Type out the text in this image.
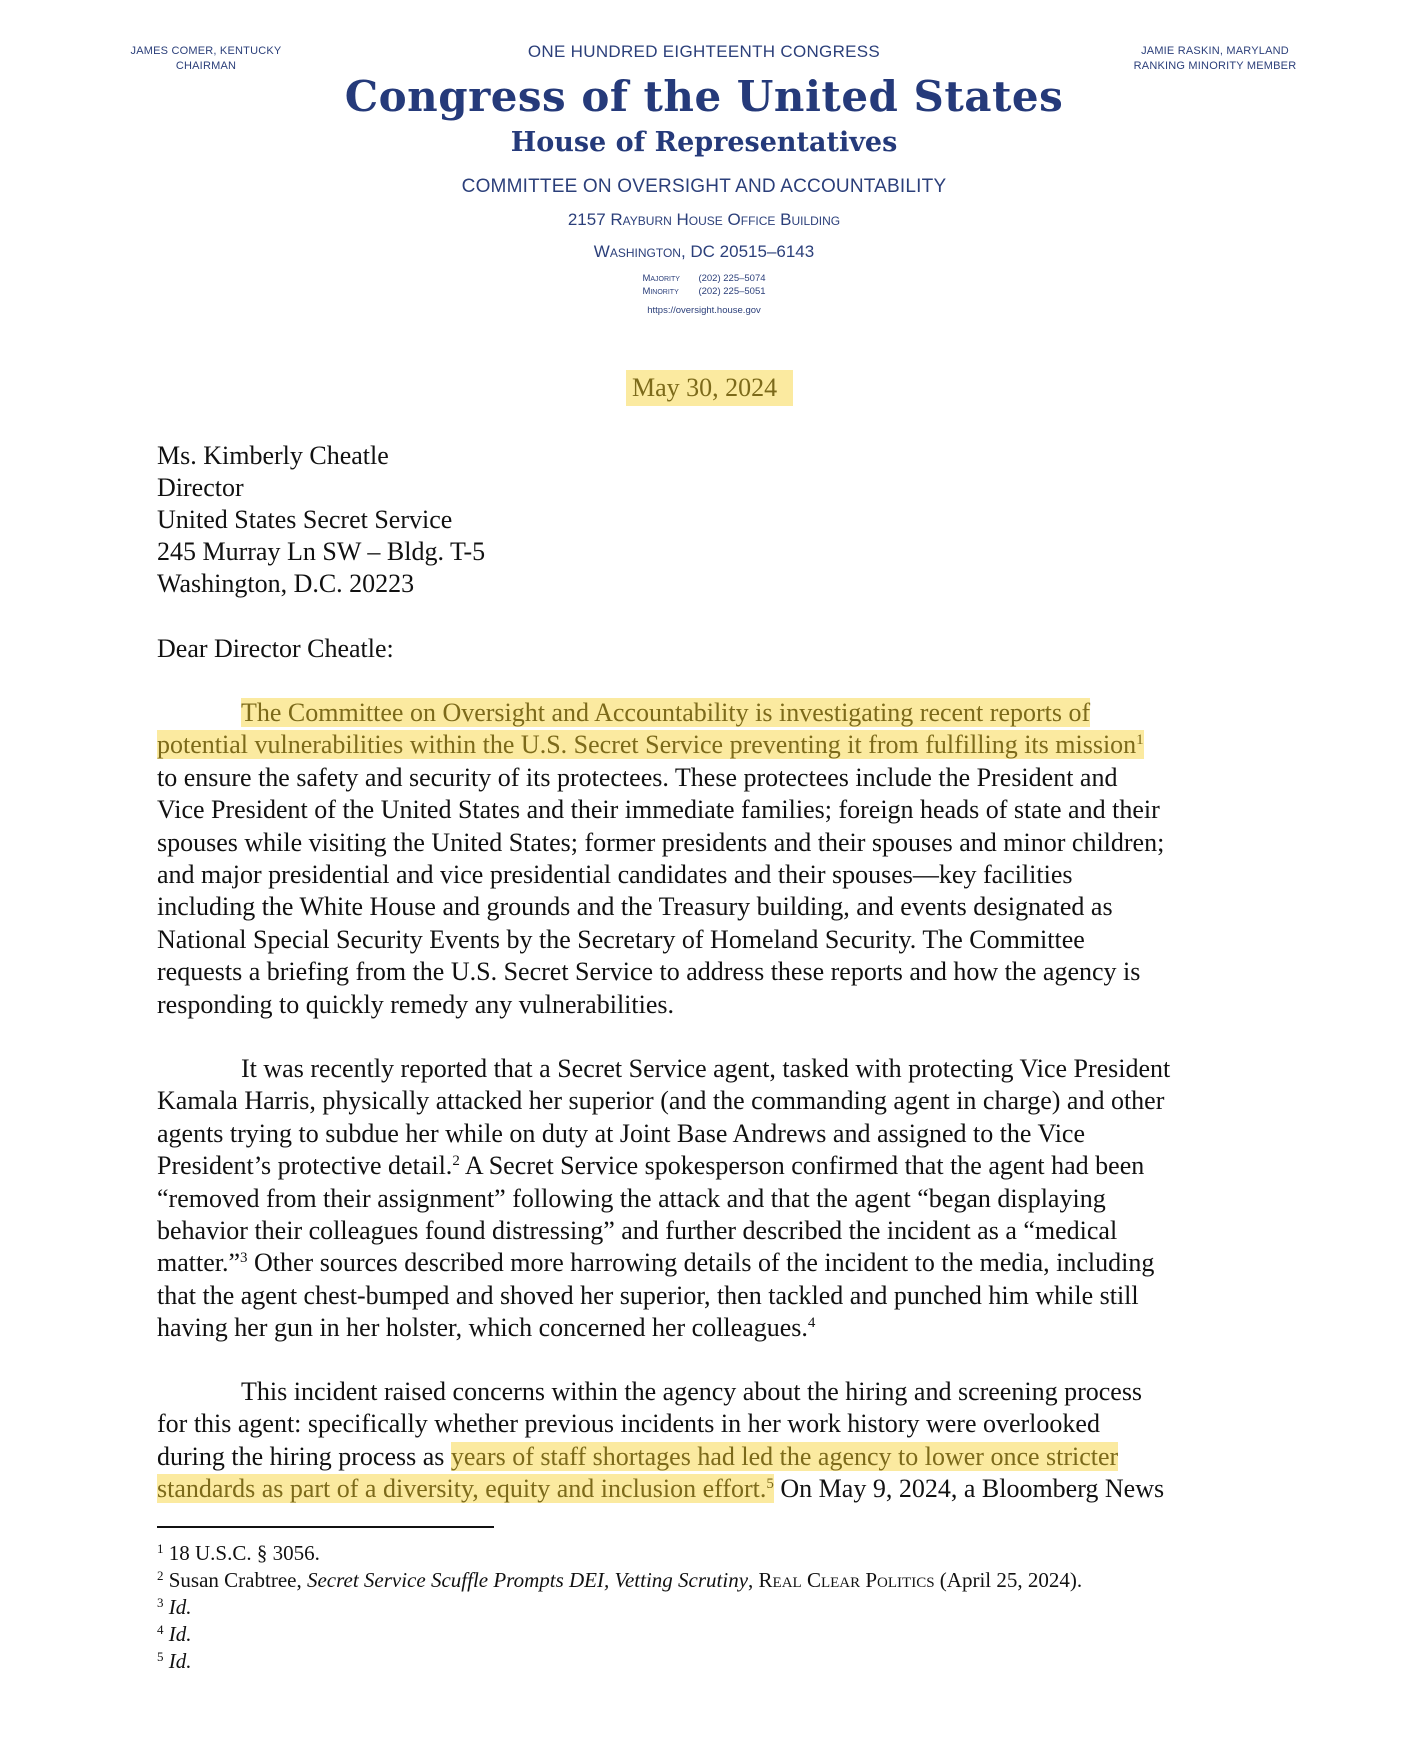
JAMES COMER, KENTUCKY
CHAIRMAN
JAMIE RASKIN, MARYLAND
RANKING MINORITY MEMBER
ONE HUNDRED EIGHTEENTH CONGRESS
Congress of the United States
House of Representatives
COMMITTEE ON OVERSIGHT AND ACCOUNTABILITY
2157 Rayburn House Office Building
Washington, DC 20515–6143
Majority (202) 225–5074
Minority (202) 225–5051
https://oversight.house.gov
May 30, 2024
Ms. Kimberly Cheatle
Director
United States Secret Service
245 Murray Ln SW – Bldg. T-5
Washington, D.C. 20223
Dear Director Cheatle:
The Committee on Oversight and Accountability is investigating recent reports of
potential vulnerabilities within the U.S. Secret Service preventing it from fulfilling its mission$^1$
to ensure the safety and security of its protectees. These protectees include the President and
Vice President of the United States and their immediate families; foreign heads of state and their
spouses while visiting the United States; former presidents and their spouses and minor children;
and major presidential and vice presidential candidates and their spouses—key facilities
including the White House and grounds and the Treasury building, and events designated as
National Special Security Events by the Secretary of Homeland Security. The Committee
requests a briefing from the U.S. Secret Service to address these reports and how the agency is
responding to quickly remedy any vulnerabilities.
It was recently reported that a Secret Service agent, tasked with protecting Vice President
Kamala Harris, physically attacked her superior (and the commanding agent in charge) and other
agents trying to subdue her while on duty at Joint Base Andrews and assigned to the Vice
President’s protective detail.$^2$ A Secret Service spokesperson confirmed that the agent had been
“removed from their assignment” following the attack and that the agent “began displaying
behavior their colleagues found distressing” and further described the incident as a “medical
matter.”$^3$ Other sources described more harrowing details of the incident to the media, including
that the agent chest-bumped and shoved her superior, then tackled and punched him while still
having her gun in her holster, which concerned her colleagues.$^4$
This incident raised concerns within the agency about the hiring and screening process
for this agent: specifically whether previous incidents in her work history were overlooked
during the hiring process as years of staff shortages had led the agency to lower once stricter
standards as part of a diversity, equity and inclusion effort.$^5$ On May 9, 2024, a Bloomberg News
$^1$ 18 U.S.C. § 3056.
$^2$ Susan Crabtree, Secret Service Scuffle Prompts DEI, Vetting Scrutiny, Real Clear Politics (April 25, 2024).
$^3$ Id.
$^4$ Id.
$^5$ Id.
